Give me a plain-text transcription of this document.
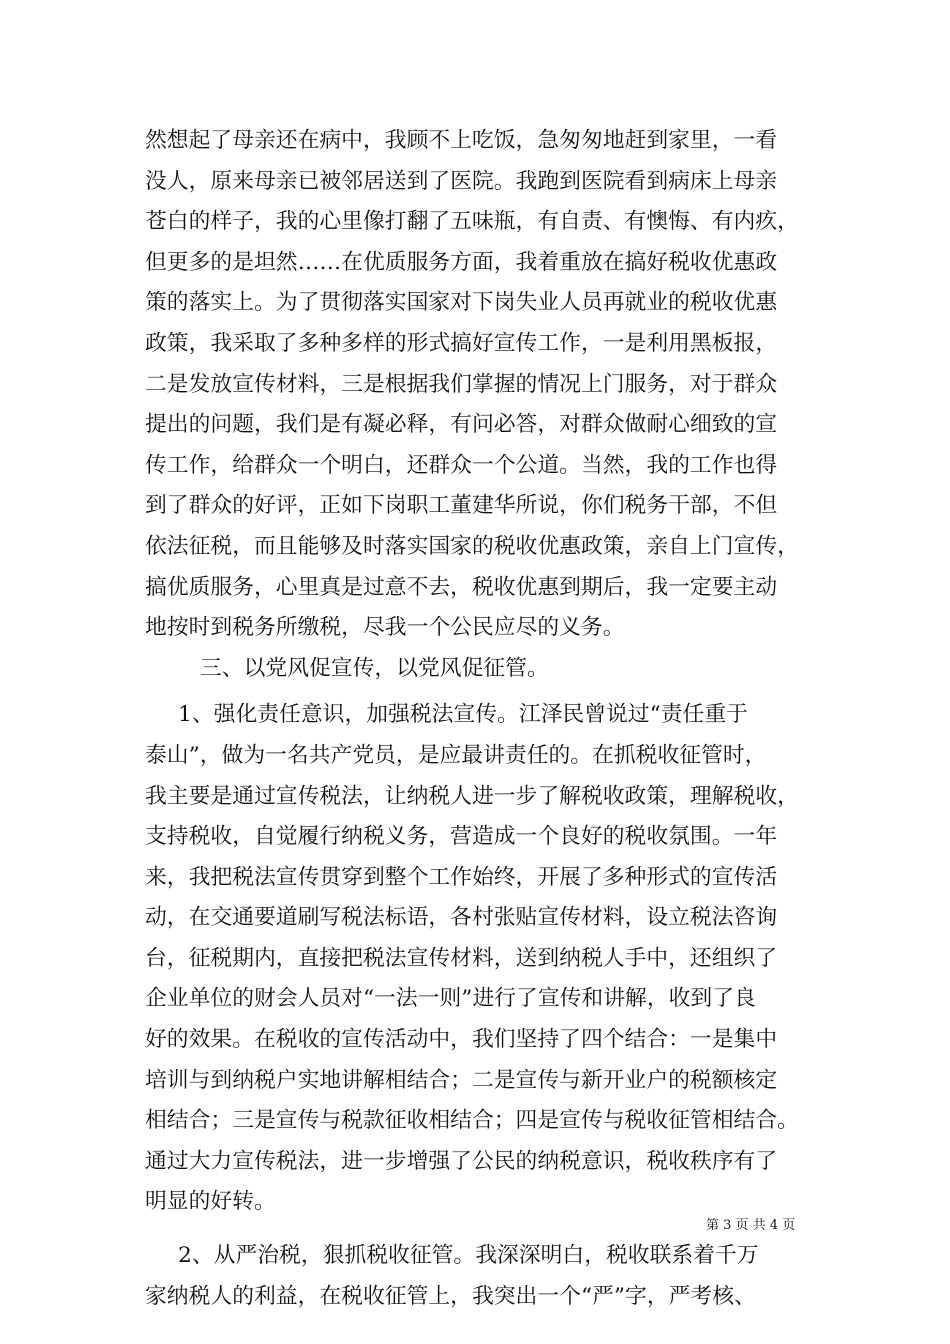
然想起了母亲还在病中，我顾不上吃饭，急匆匆地赶到家里，一看
没人，原来母亲已被邻居送到了医院。我跑到医院看到病床上母亲
苍白的样子，我的心里像打翻了五味瓶，有自责、有懊悔、有内疚，
但更多的是坦然……在优质服务方面，我着重放在搞好税收优惠政
策的落实上。为了贯彻落实国家对下岗失业人员再就业的税收优惠
政策，我采取了多种多样的形式搞好宣传工作，一是利用黑板报，
二是发放宣传材料，三是根据我们掌握的情况上门服务，对于群众
提出的问题，我们是有凝必释，有问必答，对群众做耐心细致的宣
传工作，给群众一个明白，还群众一个公道。当然，我的工作也得
到了群众的好评，正如下岗职工董建华所说，你们税务干部，不但
依法征税，而且能够及时落实国家的税收优惠政策，亲自上门宣传，
搞优质服务，心里真是过意不去，税收优惠到期后，我一定要主动
地按时到税务所缴税，尽我一个公民应尽的义务。
三、以党风促宣传，以党风促征管。
1、强化责任意识，加强税法宣传。江泽民曾说过“责任重于
泰山”，做为一名共产党员，是应最讲责任的。在抓税收征管时，
我主要是通过宣传税法，让纳税人进一步了解税收政策，理解税收，
支持税收，自觉履行纳税义务，营造成一个良好的税收氛围。一年
来，我把税法宣传贯穿到整个工作始终，开展了多种形式的宣传活
动，在交通要道刷写税法标语，各村张贴宣传材料，设立税法咨询
台，征税期内，直接把税法宣传材料，送到纳税人手中，还组织了
企业单位的财会人员对“一法一则”进行了宣传和讲解，收到了良
好的效果。在税收的宣传活动中，我们坚持了四个结合：一是集中
培训与到纳税户实地讲解相结合；二是宣传与新开业户的税额核定
相结合；三是宣传与税款征收相结合；四是宣传与税收征管相结合。
通过大力宣传税法，进一步增强了公民的纳税意识，税收秩序有了
明显的好转。
2、从严治税，狠抓税收征管。我深深明白，税收联系着千万
家纳税人的利益，在税收征管上，我突出一个“严”字，严考核、
第 3 页 共 4 页
